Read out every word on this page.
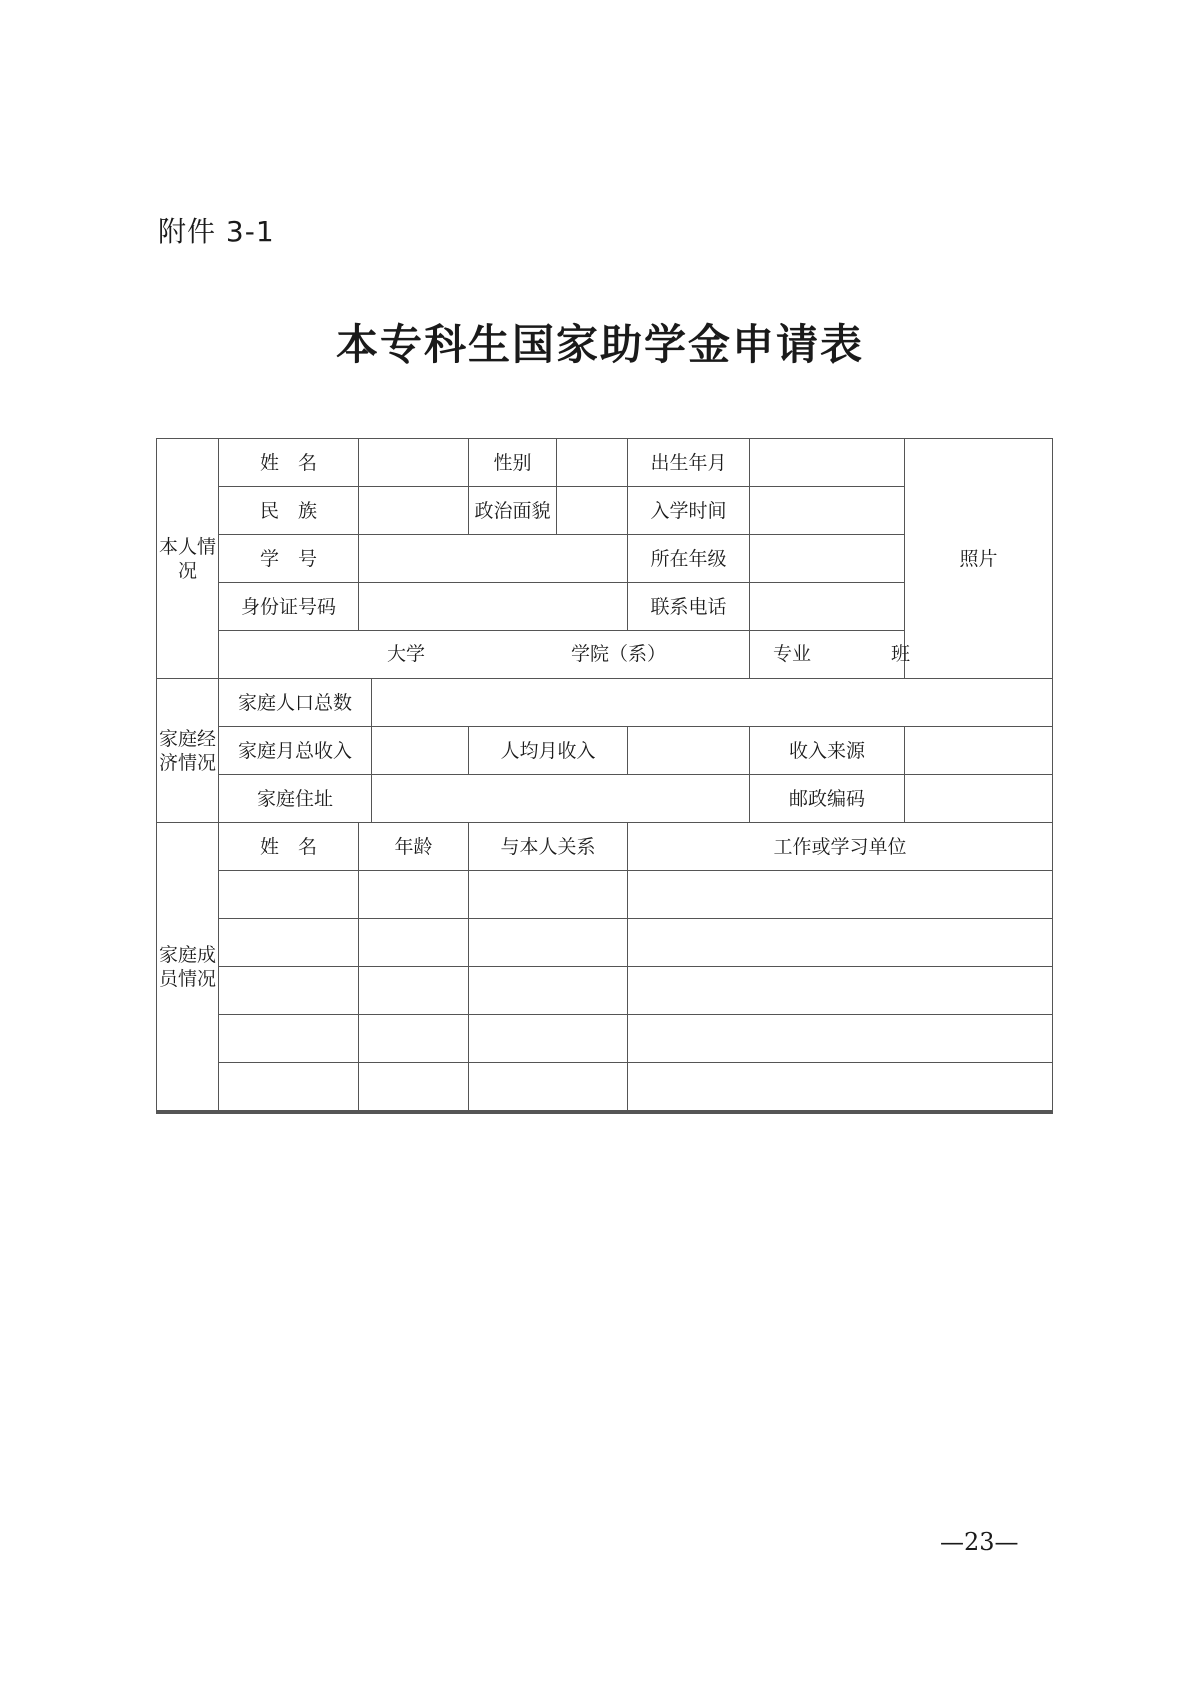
附件 3-1
本专科生国家助学金申请表
本人情况	姓　名			性别		出生年月		照片
	民　族			政治面貌		入学时间		
	学　号					所在年级		
	身份证号码					联系电话		

	大学 学院（系） 专业 班							

家庭经济情况	家庭人口总数							
	家庭月总收入			人均月收入			收入来源	
	家庭住址						邮政编码	
家庭成员情况	姓　名	年龄		与本人关系		工作或学习单位		

—23—
